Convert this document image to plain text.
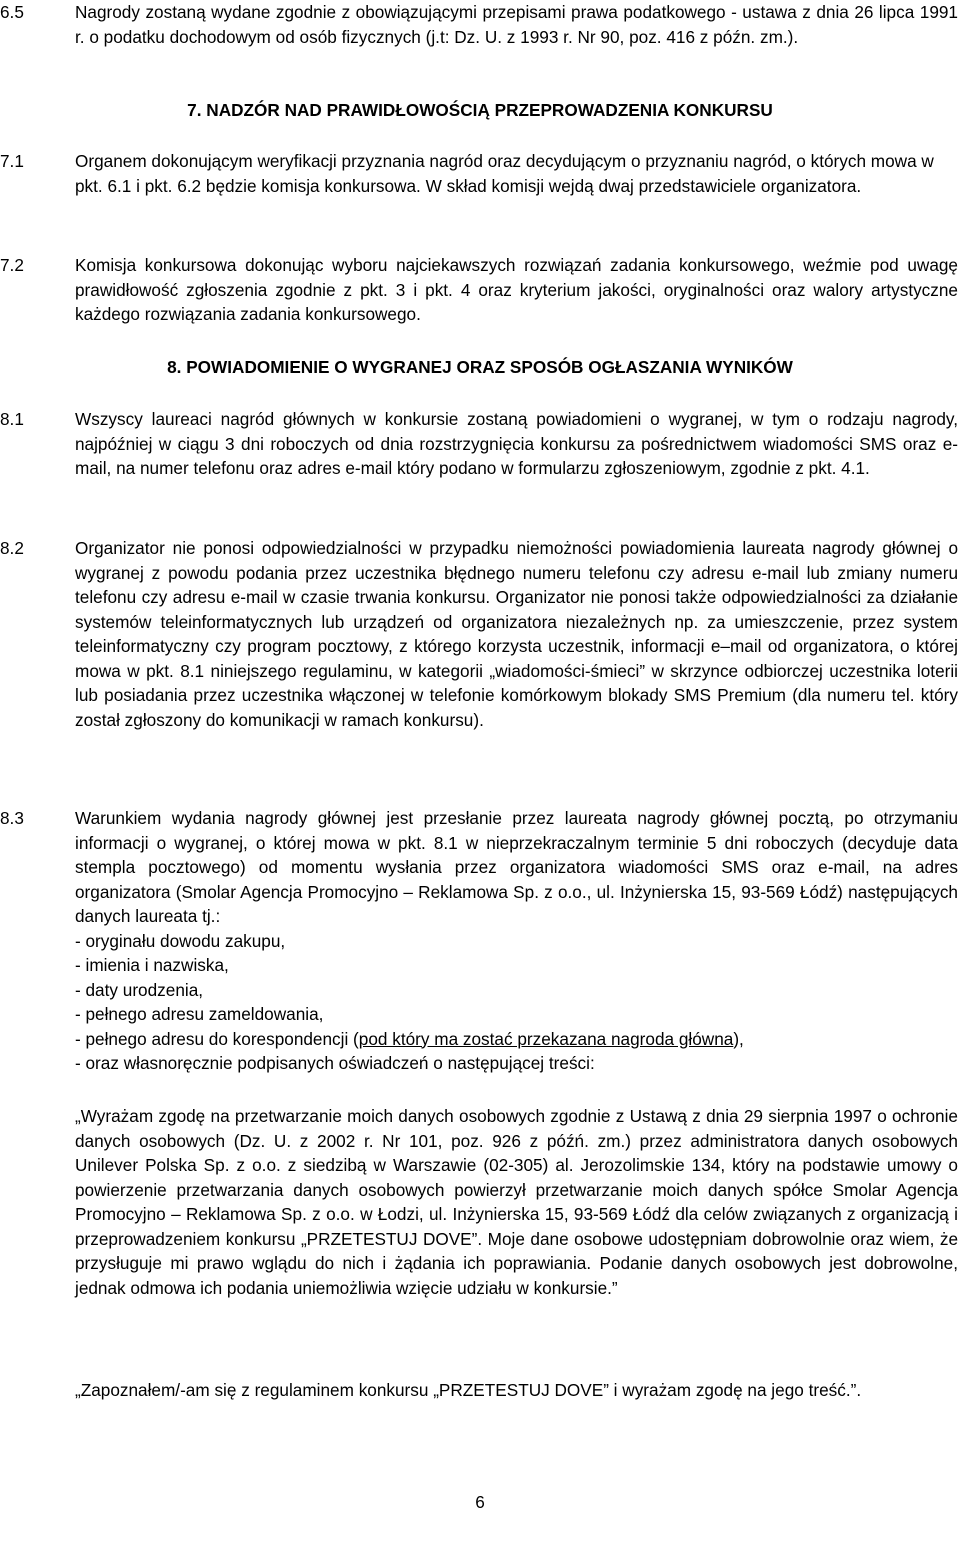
6.5	Nagrody zostaną wydane zgodnie z obowiązującymi przepisami prawa podatkowego - ustawa z dnia 26 lipca 1991 r. o podatku dochodowym od osób fizycznych (j.t: Dz. U. z 1993 r. Nr 90, poz. 416 z późn. zm.).
7. NADZÓR NAD PRAWIDŁOWOŚCIĄ PRZEPROWADZENIA KONKURSU
7.1	Organem dokonującym weryfikacji przyznania nagród oraz decydującym o przyznaniu nagród, o których mowa w pkt. 6.1 i pkt. 6.2 będzie komisja konkursowa. W skład komisji wejdą dwaj przedstawiciele organizatora.
7.2	Komisja konkursowa dokonując wyboru najciekawszych rozwiązań zadania konkursowego, weźmie pod uwagę prawidłowość zgłoszenia zgodnie z pkt. 3 i pkt. 4 oraz kryterium jakości, oryginalności oraz walory artystyczne każdego rozwiązania zadania konkursowego.
8. POWIADOMIENIE O WYGRANEJ ORAZ SPOSÓB OGŁASZANIA WYNIKÓW
8.1	Wszyscy laureaci nagród głównych w konkursie zostaną powiadomieni o wygranej, w tym o rodzaju nagrody, najpóźniej w ciągu 3 dni roboczych od dnia rozstrzygnięcia konkursu za pośrednictwem wiadomości SMS oraz e-mail, na numer telefonu oraz adres e-mail który podano w formularzu zgłoszeniowym, zgodnie z pkt. 4.1.
8.2	Organizator nie ponosi odpowiedzialności w przypadku niemożności powiadomienia laureata nagrody głównej o wygranej z powodu podania przez uczestnika błędnego numeru telefonu czy adresu e-mail lub zmiany numeru telefonu czy adresu e-mail w czasie trwania konkursu. Organizator nie ponosi także odpowiedzialności za działanie systemów teleinformatycznych lub urządzeń od organizatora niezależnych np. za umieszczenie, przez system teleinformatyczny czy program pocztowy, z którego korzysta uczestnik, informacji e–mail od organizatora, o której mowa w pkt. 8.1 niniejszego regulaminu, w kategorii „wiadomości-śmieci” w skrzynce odbiorczej uczestnika loterii lub posiadania przez uczestnika włączonej w telefonie komórkowym blokady SMS Premium (dla numeru tel. który został zgłoszony do komunikacji w ramach konkursu).
8.3	Warunkiem wydania nagrody głównej jest przesłanie przez laureata nagrody głównej pocztą, po otrzymaniu informacji o wygranej, o której mowa w pkt. 8.1 w nieprzekraczalnym terminie 5 dni roboczych (decyduje data stempla pocztowego) od momentu wysłania przez organizatora wiadomości SMS oraz e-mail, na adres organizatora (Smolar Agencja Promocyjno – Reklamowa Sp. z o.o., ul. Inżynierska 15, 93-569 Łódź) następujących danych laureata tj.:
- oryginału dowodu zakupu,
- imienia i nazwiska,
- daty urodzenia,
- pełnego adresu zameldowania,
- pełnego adresu do korespondencji (pod który ma zostać przekazana nagroda główna),
- oraz własnoręcznie podpisanych oświadczeń o następującej treści:
„Wyrażam zgodę na przetwarzanie moich danych osobowych zgodnie z Ustawą z dnia 29 sierpnia 1997 o ochronie danych osobowych (Dz. U. z 2002 r. Nr 101, poz. 926 z późń. zm.) przez administratora danych osobowych Unilever Polska Sp. z o.o. z siedzibą w Warszawie (02-305) al. Jerozolimskie 134, który na podstawie umowy o powierzenie przetwarzania danych osobowych powierzył przetwarzanie moich danych spółce Smolar Agencja Promocyjno – Reklamowa Sp. z o.o. w Łodzi, ul. Inżynierska 15, 93-569 Łódź dla celów związanych z organizacją i przeprowadzeniem konkursu „PRZETESTUJ DOVE”. Moje dane osobowe udostępniam dobrowolnie oraz wiem, że przysługuje mi prawo wglądu do nich i żądania ich poprawiania. Podanie danych osobowych jest dobrowolne, jednak odmowa ich podania uniemożliwia wzięcie udziału w konkursie.”
„Zapoznałem/-am się z regulaminem konkursu „PRZETESTUJ DOVE” i wyrażam zgodę na jego treść.”.
6
